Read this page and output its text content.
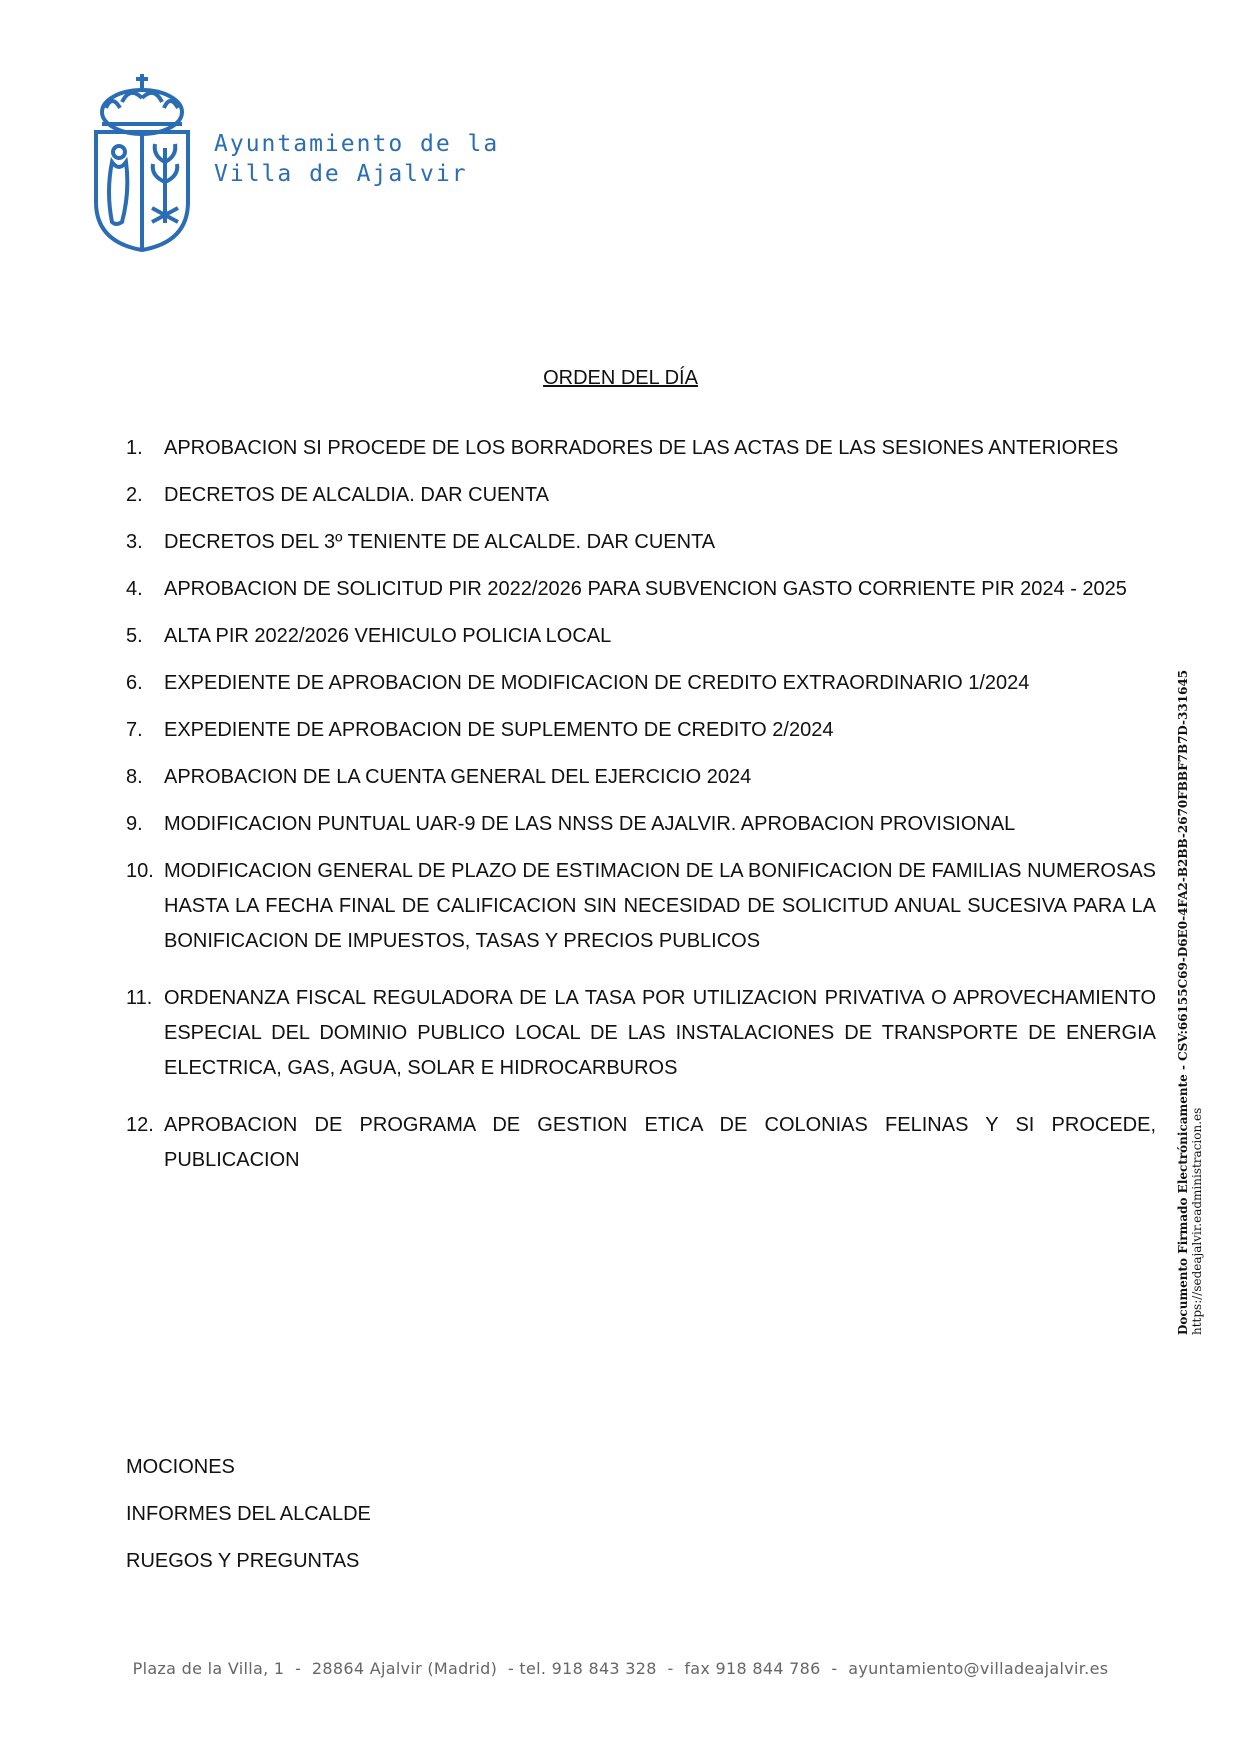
Ayuntamiento de la
Villa de Ajalvir
ORDEN DEL DÍA
1.	APROBACION SI PROCEDE DE LOS BORRADORES DE LAS ACTAS DE LAS SESIONES ANTERIORES
2.	DECRETOS DE ALCALDIA. DAR CUENTA
3.	DECRETOS DEL 3º TENIENTE DE ALCALDE. DAR CUENTA
4.	APROBACION DE SOLICITUD PIR 2022/2026 PARA SUBVENCION GASTO CORRIENTE PIR 2024 - 2025
5.	ALTA PIR 2022/2026 VEHICULO POLICIA LOCAL
6.	EXPEDIENTE DE APROBACION DE MODIFICACION DE CREDITO EXTRAORDINARIO 1/2024
7.	EXPEDIENTE DE APROBACION DE SUPLEMENTO DE CREDITO 2/2024
8.	APROBACION DE LA CUENTA GENERAL DEL EJERCICIO 2024
9.	MODIFICACION PUNTUAL UAR-9 DE LAS NNSS DE AJALVIR. APROBACION PROVISIONAL
10. MODIFICACION GENERAL DE PLAZO DE ESTIMACION DE LA BONIFICACION DE FAMILIAS NUMEROSAS HASTA LA FECHA FINAL DE CALIFICACION SIN NECESIDAD DE SOLICITUD ANUAL SUCESIVA PARA LA BONIFICACION DE IMPUESTOS, TASAS Y PRECIOS PUBLICOS
11. ORDENANZA FISCAL REGULADORA DE LA TASA POR UTILIZACION PRIVATIVA O APROVECHAMIENTO ESPECIAL DEL DOMINIO PUBLICO LOCAL DE LAS INSTALACIONES DE TRANSPORTE DE ENERGIA ELECTRICA, GAS, AGUA, SOLAR E HIDROCARBUROS
12. APROBACION DE PROGRAMA DE GESTION ETICA DE COLONIAS FELINAS Y SI PROCEDE, PUBLICACION
MOCIONES
INFORMES DEL ALCALDE
RUEGOS Y PREGUNTAS
Plaza de la Villa, 1  -  28864 Ajalvir (Madrid)  - tel. 918 843 328  -  fax 918 844 786  -  ayuntamiento@villadeajalvir.es
Documento Firmado Electrónicamente - CSV:66155C69-D6E0-4FA2-B2BB-2670FBBF7B7D-331645 https://sedeajalvir.eadministracion.es
